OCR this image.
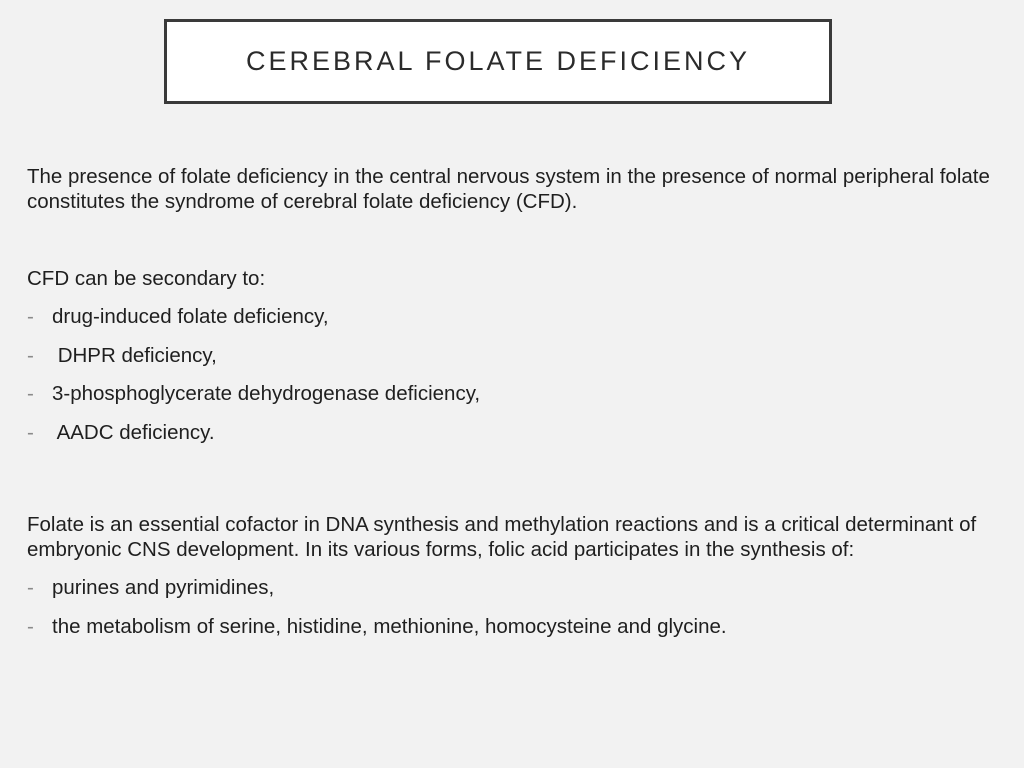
CEREBRAL FOLATE DEFICIENCY

The presence of folate deficiency in the central nervous system in the presence of normal peripheral folate constitutes the syndrome of cerebral folate deficiency (CFD).

CFD can be secondary to:

- drug-induced folate deficiency,
- DHPR deficiency,
- 3-phosphoglycerate dehydrogenase deficiency,
- AADC deficiency.

Folate is an essential cofactor in DNA synthesis and methylation reactions and is a critical determinant of embryonic CNS development. In its various forms, folic acid participates in the synthesis of:

- purines and pyrimidines,
- the metabolism of serine, histidine, methionine, homocysteine and glycine.
